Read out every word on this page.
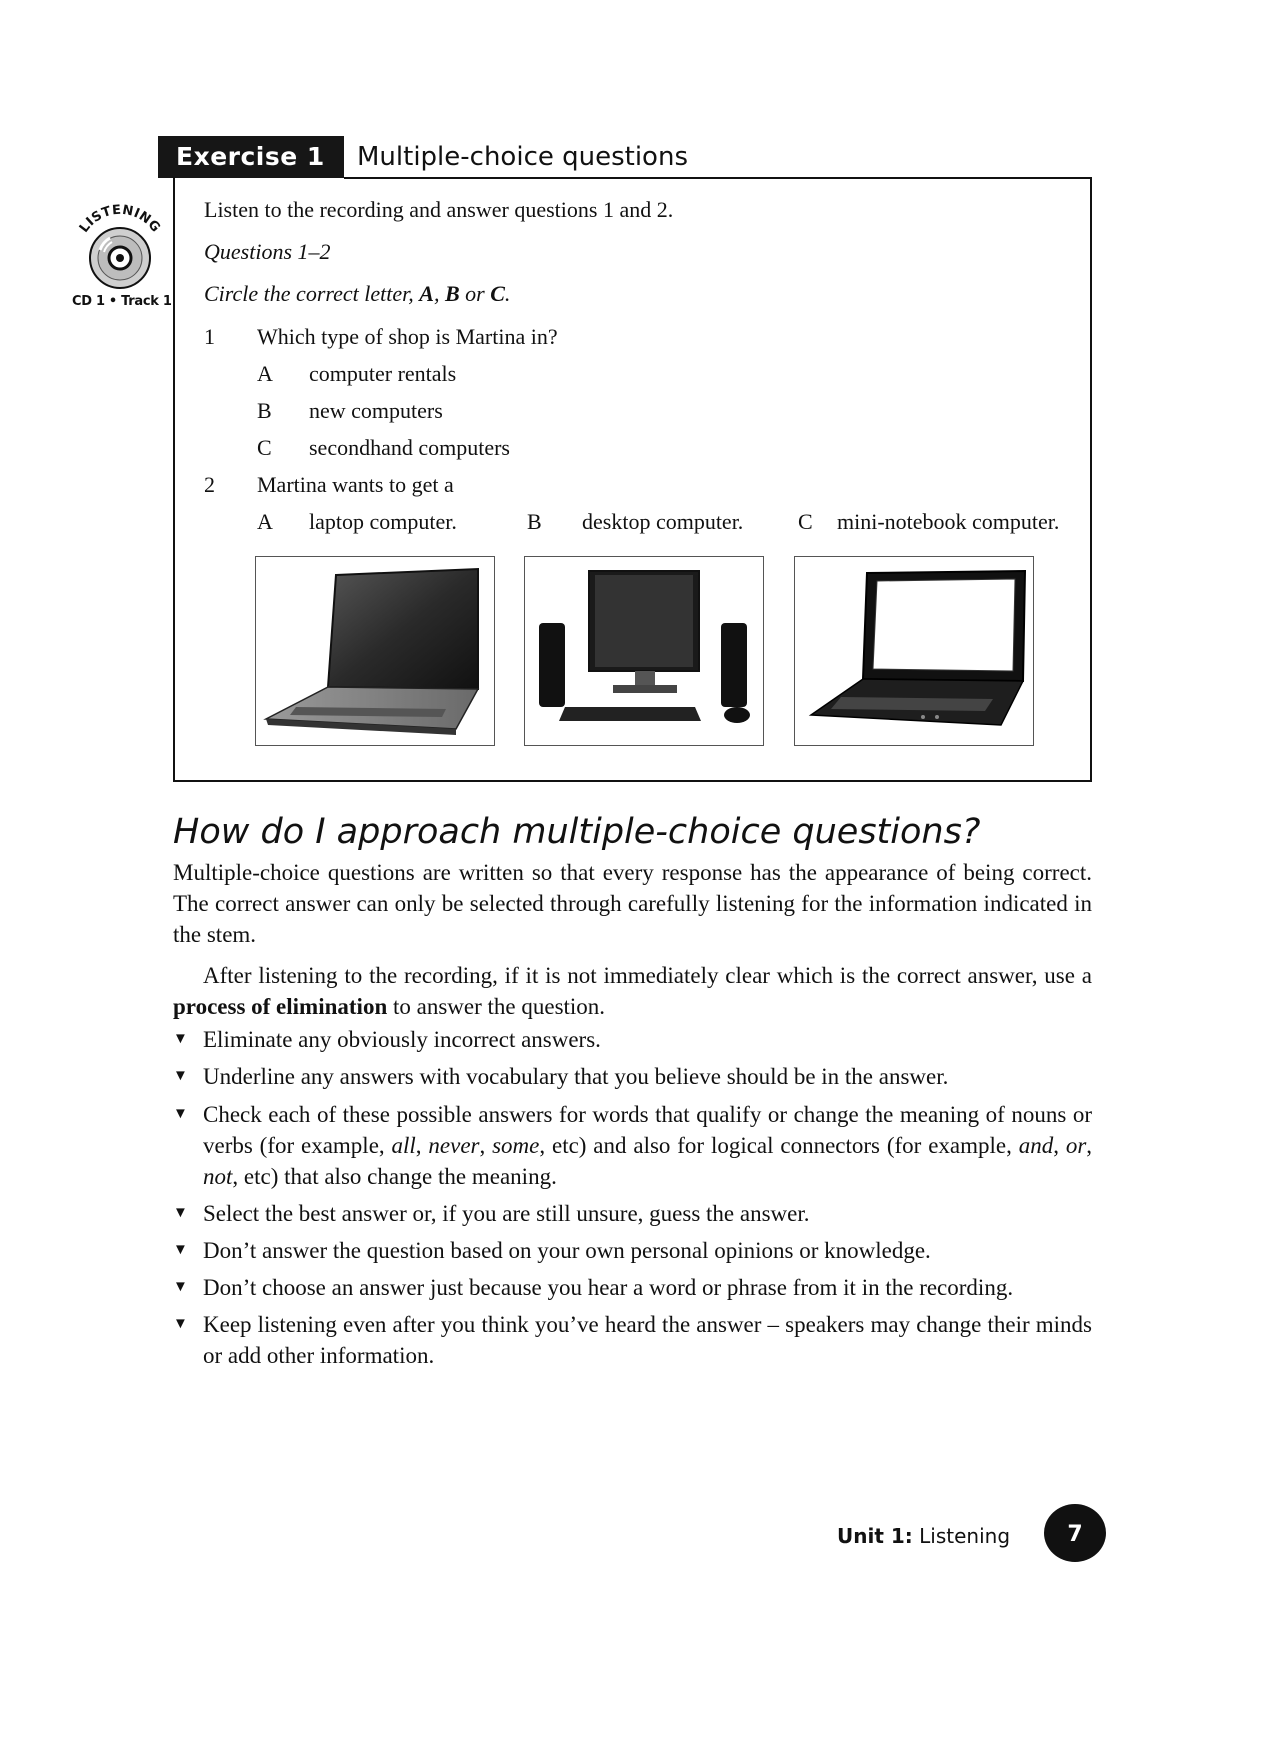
Exercise 1	Multiple-choice questions
LISTENING
CD 1 • Track 1
Listen to the recording and answer questions 1 and 2.
Questions 1–2
Circle the correct letter, A, B or C.
1 Which type of shop is Martina in?
A computer rentals
B new computers
C secondhand computers
2 Martina wants to get a
A laptop computer.	B desktop computer. C mini-notebook computer.
How do I approach multiple-choice questions?
Multiple-choice questions are written so that every response has the appearance of being correct. The correct answer can only be selected through carefully listening for the information indicated in the stem.
After listening to the recording, if it is not immediately clear which is the correct answer, use a process of elimination to answer the question.
▼ Eliminate any obviously incorrect answers.
▼ Underline any answers with vocabulary that you believe should be in the answer.
▼ Check each of these possible answers for words that qualify or change the meaning of nouns or verbs (for example, all, never, some, etc) and also for logical connectors (for example, and, or, not, etc) that also change the meaning.
▼ Select the best answer or, if you are still unsure, guess the answer.
▼ Don’t answer the question based on your own personal opinions or knowledge.
▼ Don’t choose an answer just because you hear a word or phrase from it in the recording.
▼ Keep listening even after you think you’ve heard the answer – speakers may change their minds or add other information.
Unit 1: Listening	7
